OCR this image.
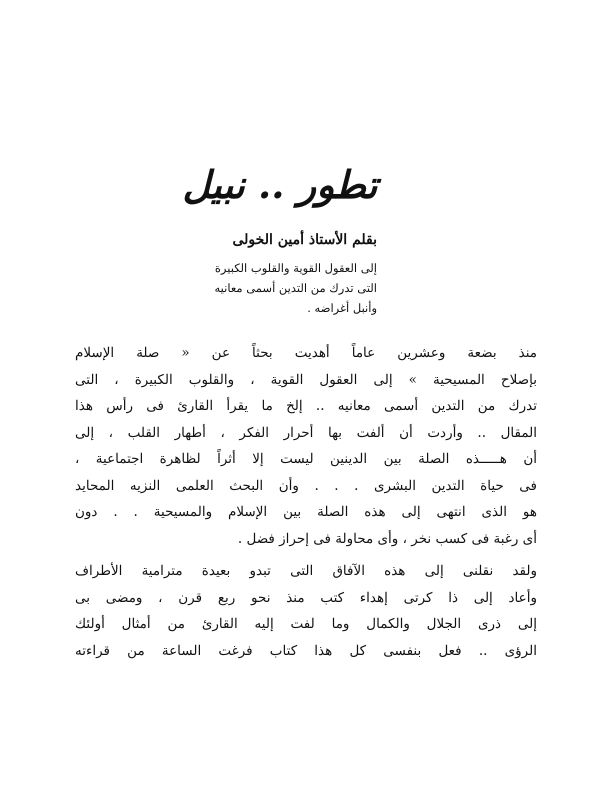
تطور .. نبيل
بقلم الأستاذ أمين الخولى
إلى العقول القوية والقلوب الكبيرة
التى تدرك من التدين أسمى معانيه
وأنبل أغراضه .
منذ بضعة وعشرين عاماً أهديت بحثاً عن « صلة الإسلام
بإصلاح المسيحية » إلى العقول القوية ، والقلوب الكبيرة ، التى
تدرك من التدين أسمى معانيه .. إلخ ما يقرأ القارئ فى رأس هذا
المقال .. وأردت أن ألفت بها أحرار الفكر ، أطهار القلب ، إلى
أن هـــــذه الصلة بين الدينين ليست إلا أثراً لظاهرة اجتماعية ،
فى حياة التدين البشرى . . . وأن البحث العلمى النزيه المحايد
هو الذى انتهى إلى هذه الصلة بين الإسلام والمسيحية . . دون
أى رغبة فى كسب نخر ، وأى محاولة فى إحراز فضل .
ولقد نقلنى إلى هذه الآفاق التى تبدو بعيدة مترامية الأطراف
وأعاد إلى ذا كرتى إهداء كتب منذ نحو ربع قرن ، ومضى بى
إلى ذرى الجلال والكمال وما لفت إليه القارئ من أمثال أولئك
الرؤى .. فعل بنفسى كل هذا كتاب فرغت الساعة من قراءته
